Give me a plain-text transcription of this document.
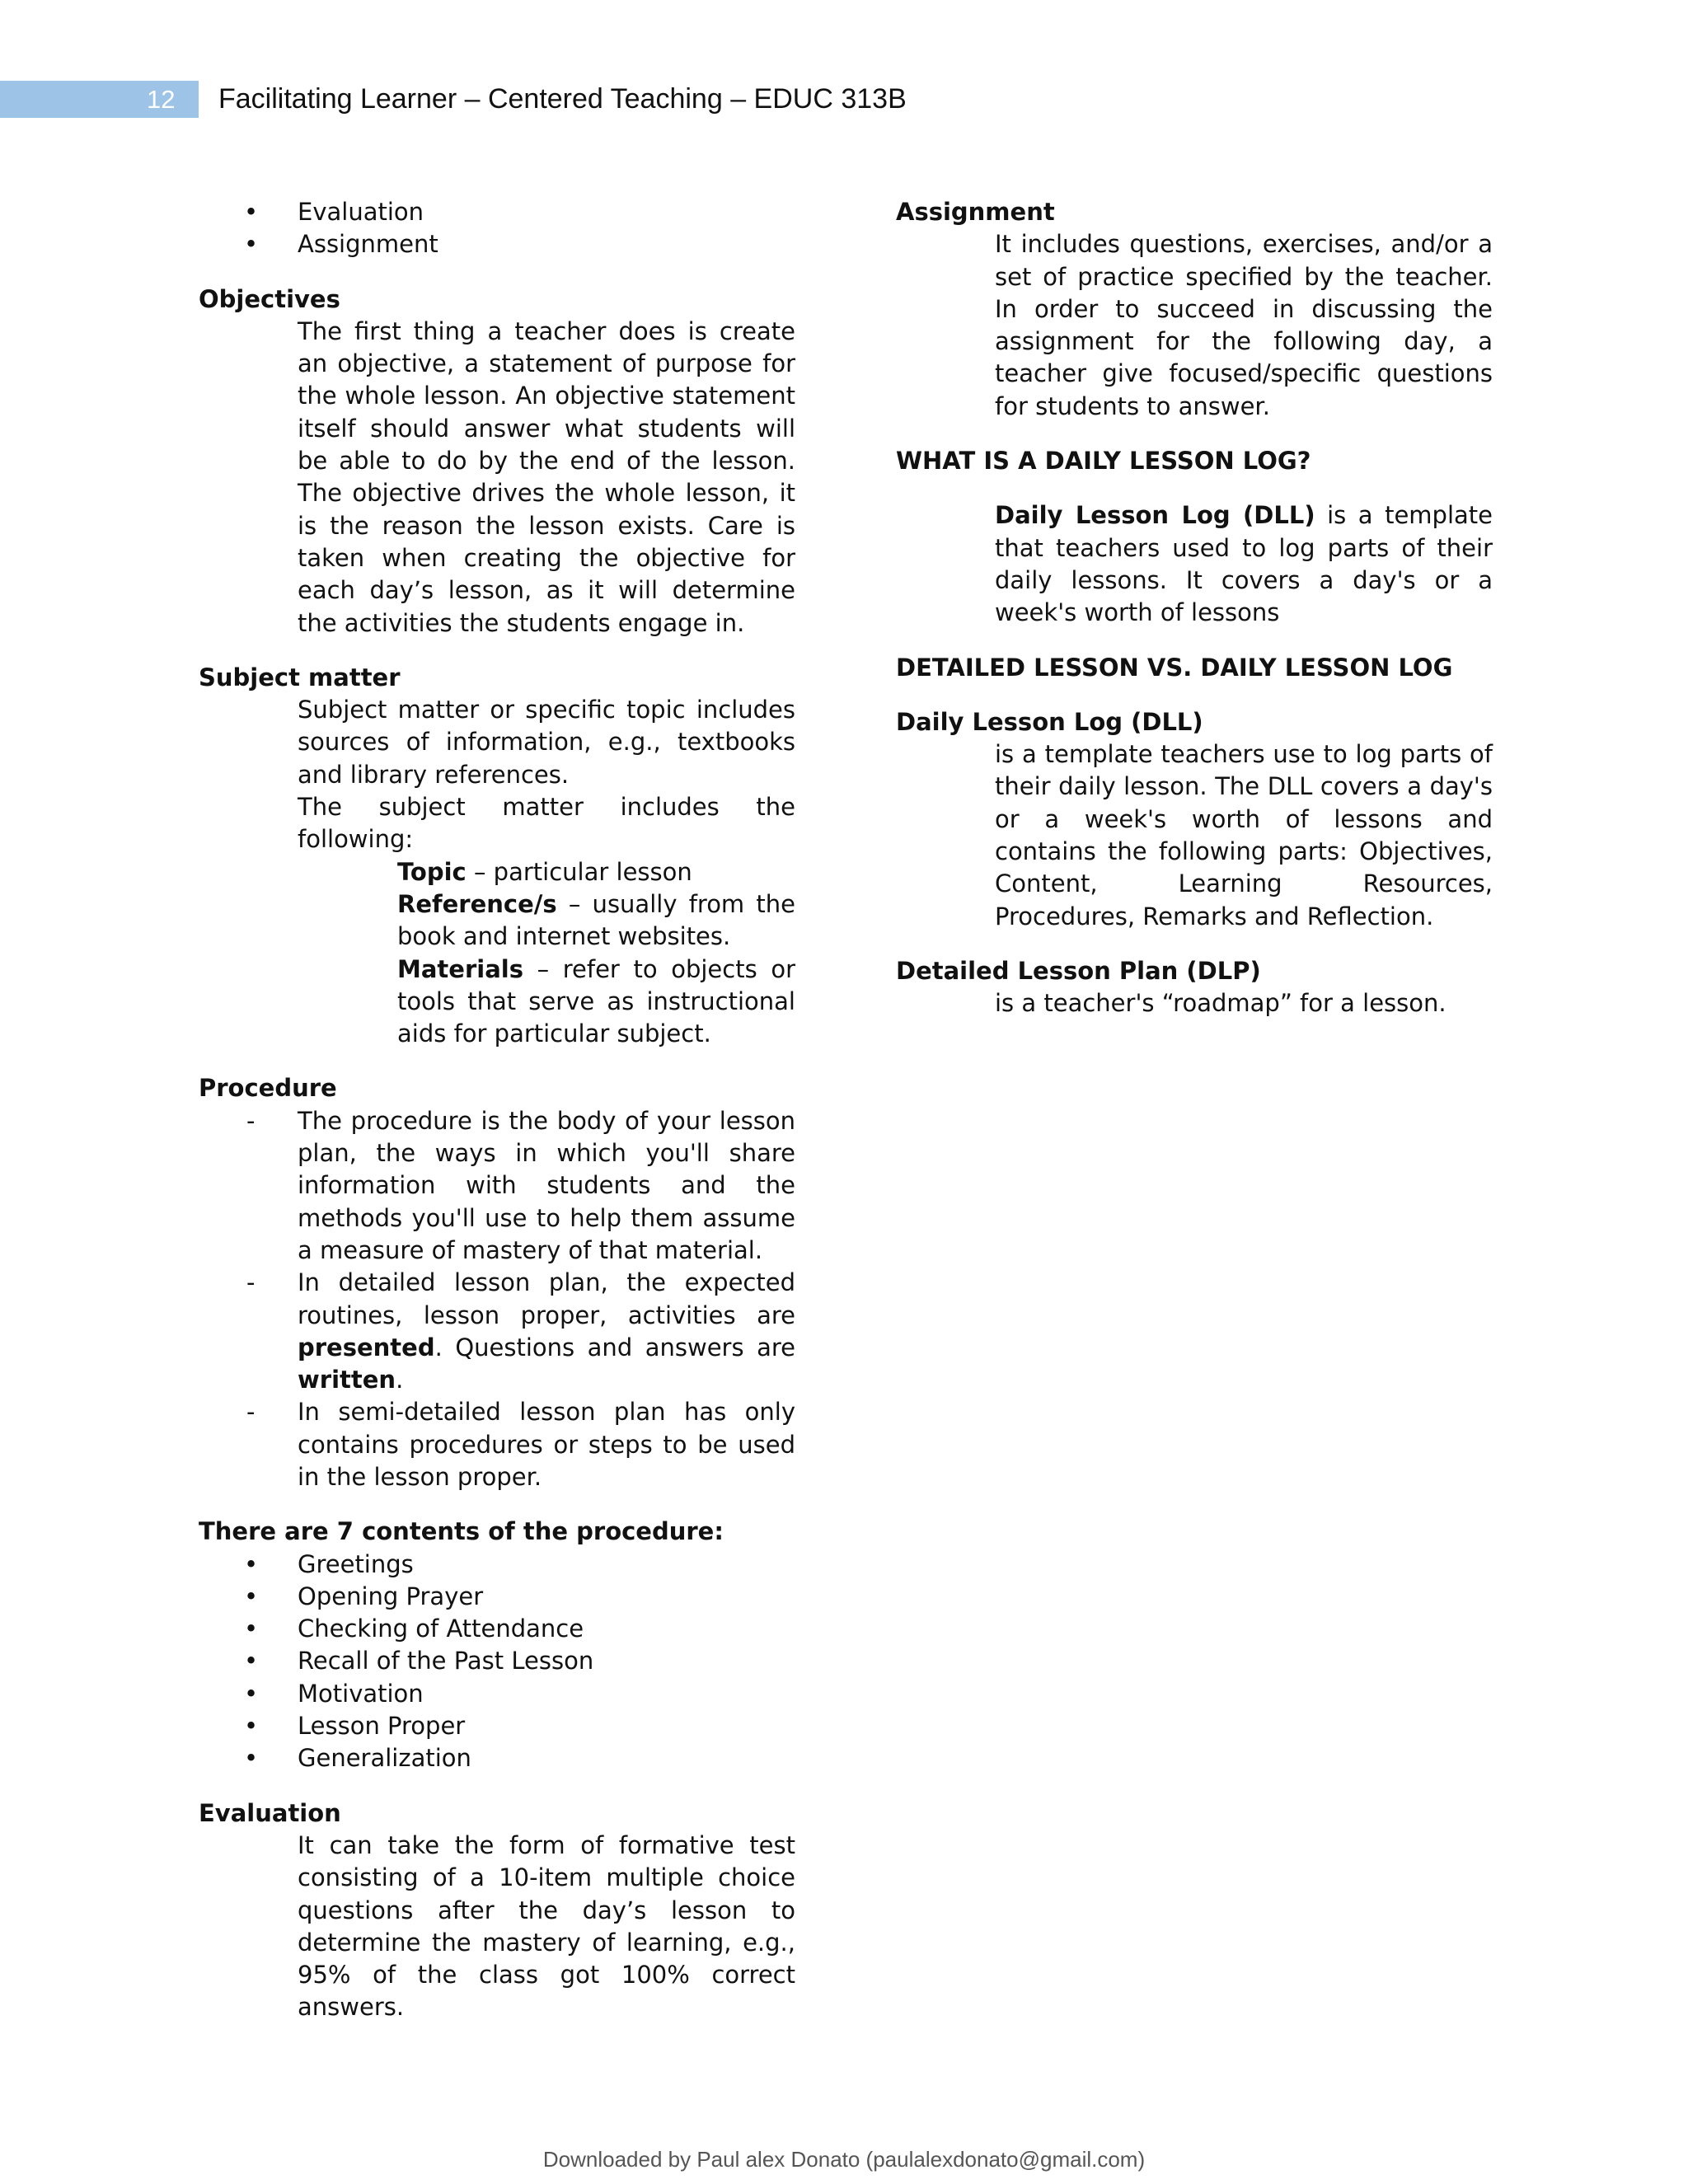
12 Facilitating Learner – Centered Teaching – EDUC 313B
• Evaluation
• Assignment

Objectives

The first thing a teacher does is create an objective, a statement of purpose for the whole lesson. An objective statement itself should answer what students will be able to do by the end of the lesson. The objective drives the whole lesson, it is the reason the lesson exists. Care is taken when creating the objective for each day’s lesson, as it will determine the activities the students engage in.

Subject matter

Subject matter or specific topic includes sources of information, e.g., textbooks and library references.

The subject matter includes the following:

Topic – particular lesson

Reference/s – usually from the book and internet websites.

Materials – refer to objects or tools that serve as instructional aids for particular subject.

Procedure

- The procedure is the body of your lesson plan, the ways in which you'll share information with students and the methods you'll use to help them assume a measure of mastery of that material.
- In detailed lesson plan, the expected routines, lesson proper, activities are presented. Questions and answers are written.
- In semi-detailed lesson plan has only contains procedures or steps to be used in the lesson proper.

There are 7 contents of the procedure:

• Greetings
• Opening Prayer
• Checking of Attendance
• Recall of the Past Lesson
• Motivation
• Lesson Proper
• Generalization

Evaluation

It can take the form of formative test consisting of a 10-item multiple choice questions after the day’s lesson to determine the mastery of learning, e.g., 95% of the class got 100% correct answers.

Assignment

It includes questions, exercises, and/or a set of practice specified by the teacher. In order to succeed in discussing the assignment for the following day, a teacher give focused/specific questions for students to answer.

WHAT IS A DAILY LESSON LOG?

Daily Lesson Log (DLL) is a template that teachers used to log parts of their daily lessons. It covers a day's or a week's worth of lessons

DETAILED LESSON VS. DAILY LESSON LOG

Daily Lesson Log (DLL)

is a template teachers use to log parts of their daily lesson. The DLL covers a day's or a week's worth of lessons and contains the following parts: Objectives, Content, Learning Resources, Procedures, Remarks and Reflection.

Detailed Lesson Plan (DLP)

is a teacher's “roadmap” for a lesson.

Downloaded by Paul alex Donato (paulalexdonato@gmail.com)
